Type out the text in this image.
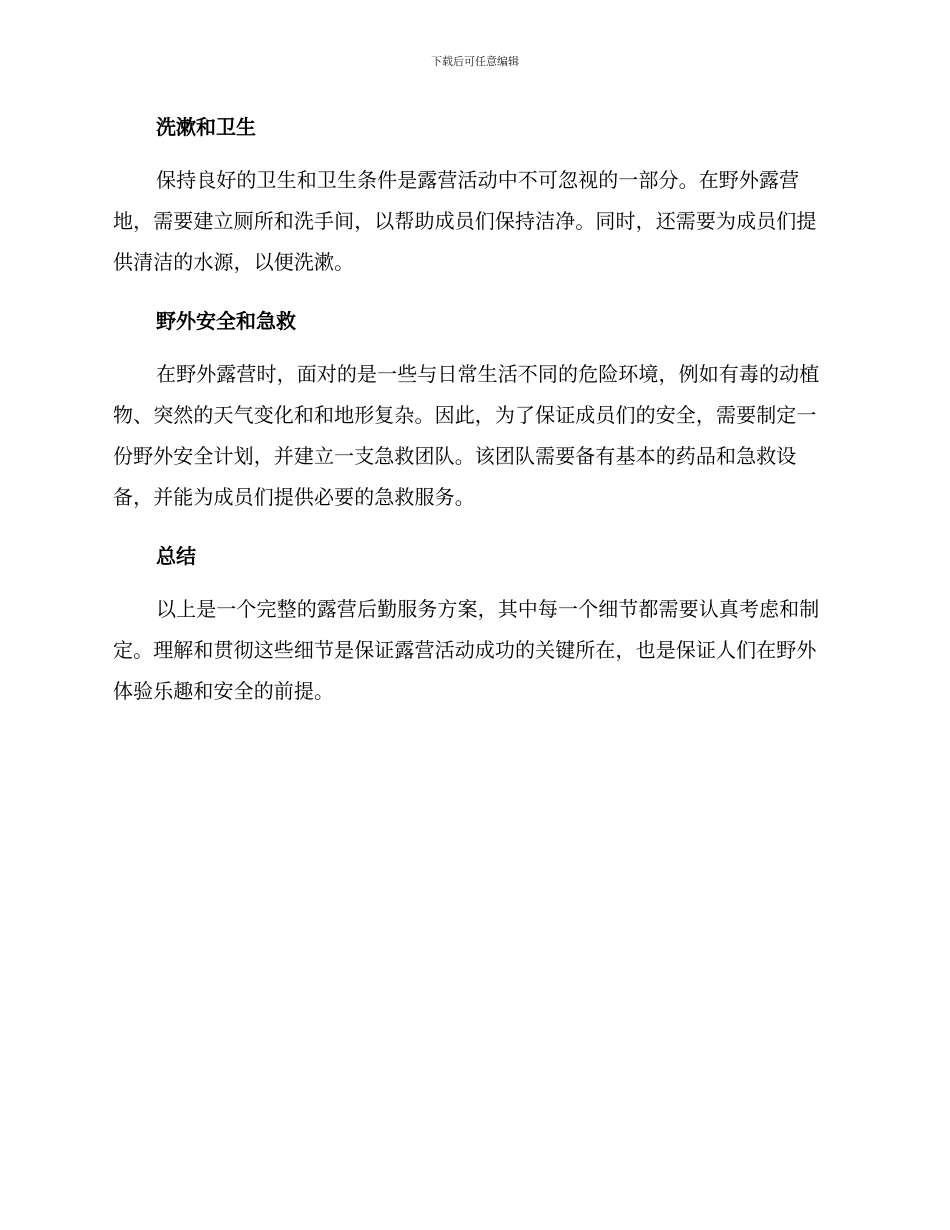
下载后可任意编辑
洗漱和卫生

保持良好的卫生和卫生条件是露营活动中不可忽视的一部分。在野外露营地，需要建立厕所和洗手间，以帮助成员们保持洁净。同时，还需要为成员们提供清洁的水源，以便洗漱。

野外安全和急救

在野外露营时，面对的是一些与日常生活不同的危险环境，例如有毒的动植物、突然的天气变化和和地形复杂。因此，为了保证成员们的安全，需要制定一份野外安全计划，并建立一支急救团队。该团队需要备有基本的药品和急救设备，并能为成员们提供必要的急救服务。

总结

以上是一个完整的露营后勤服务方案，其中每一个细节都需要认真考虑和制定。理解和贯彻这些细节是保证露营活动成功的关键所在，也是保证人们在野外体验乐趣和安全的前提。
